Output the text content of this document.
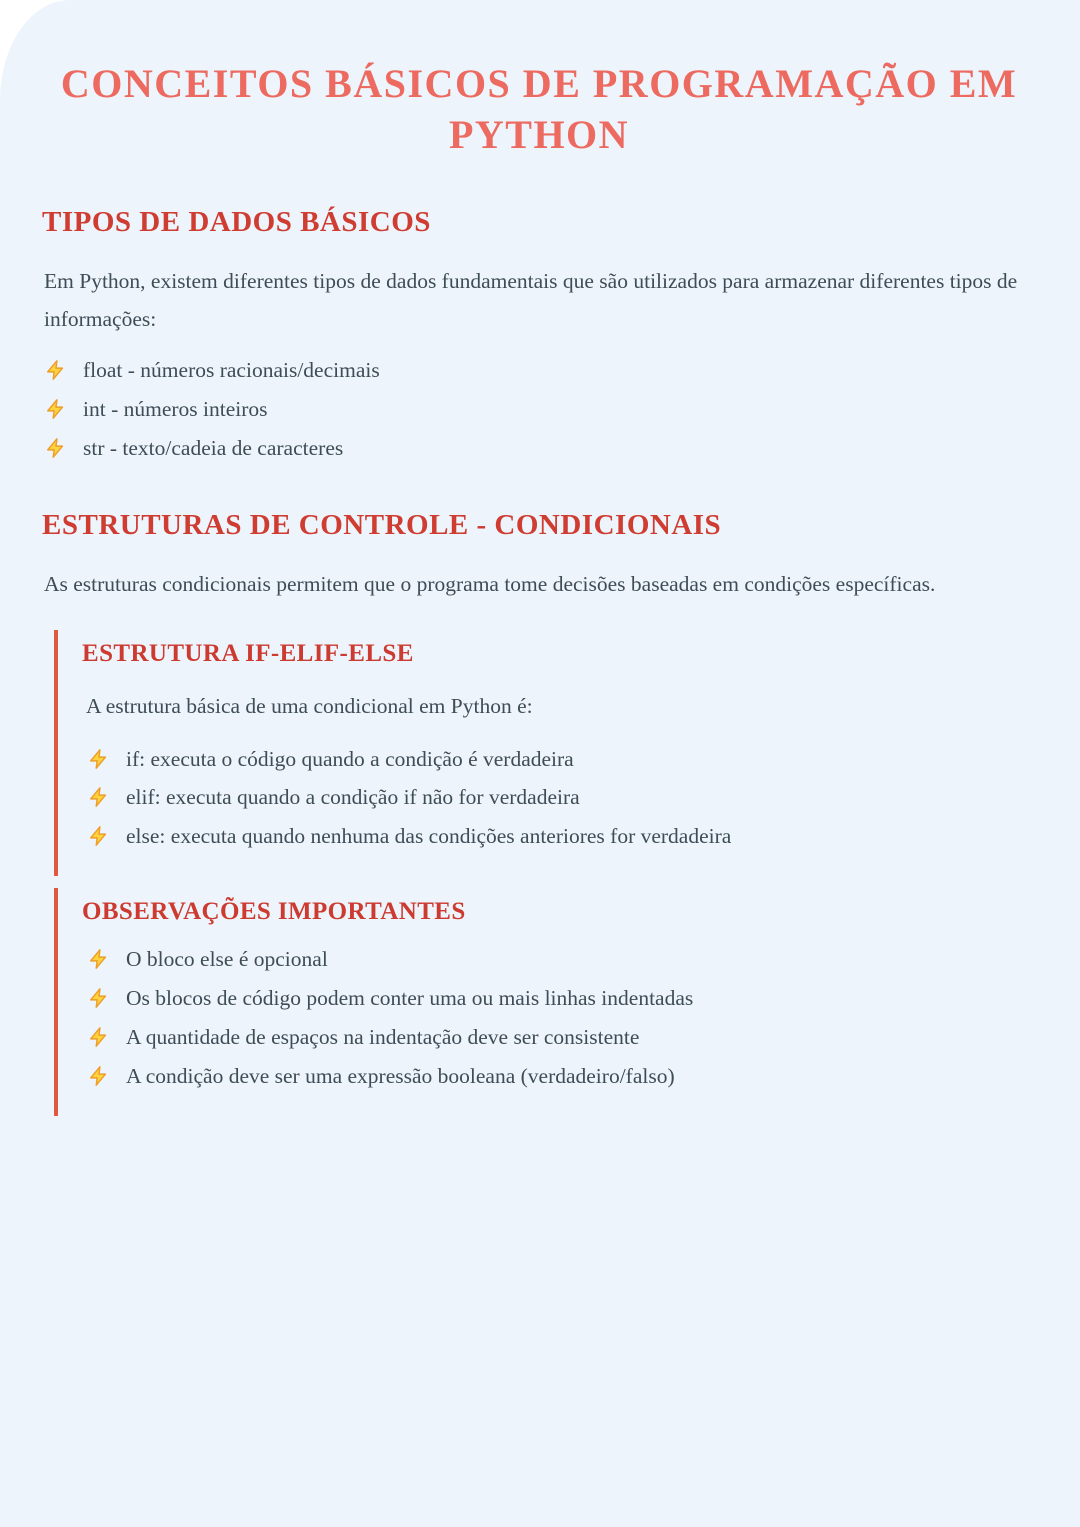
CONCEITOS BÁSICOS DE PROGRAMAÇÃO EM
PYTHON
TIPOS DE DADOS BÁSICOS

Em Python, existem diferentes tipos de dados fundamentais que são utilizados para armazenar diferentes tipos de informações:

float - números racionais/decimais
int - números inteiros
str - texto/cadeia de caracteres
ESTRUTURAS DE CONTROLE - CONDICIONAIS

As estruturas condicionais permitem que o programa tome decisões baseadas em condições específicas.

ESTRUTURA IF-ELIF-ELSE

A estrutura básica de uma condicional em Python é:

if: executa o código quando a condição é verdadeira
elif: executa quando a condição if não for verdadeira
else: executa quando nenhuma das condições anteriores for verdadeira
OBSERVAÇÕES IMPORTANTES
O bloco else é opcional
Os blocos de código podem conter uma ou mais linhas indentadas
A quantidade de espaços na indentação deve ser consistente
A condição deve ser uma expressão booleana (verdadeiro/falso)
